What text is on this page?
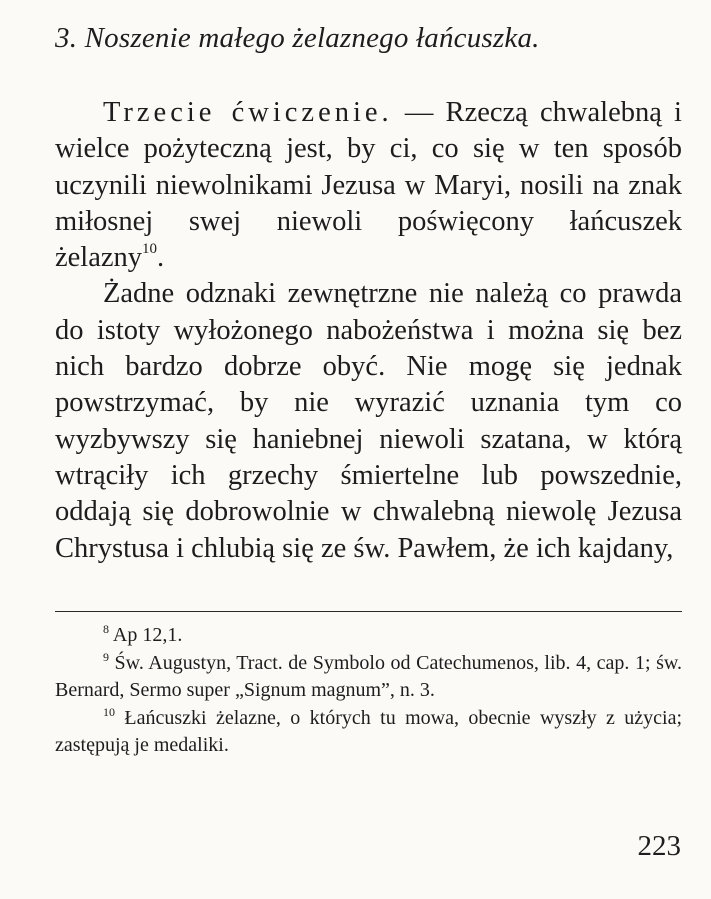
3. Noszenie małego żelaznego łańcuszka.

Trzecie ćwiczenie. — Rzeczą chwalebną i wielce pożyteczną jest, by ci, co się w ten sposób uczynili niewolnikami Jezusa w Maryi, nosili na znak miłosnej swej niewoli poświęcony łańcuszek żelazny$^{10}$.

Żadne odznaki zewnętrzne nie należą co prawda do istoty wyłożonego nabożeństwa i można się bez nich bardzo dobrze obyć. Nie mogę się jednak powstrzymać, by nie wyrazić uznania tym co wyzbywszy się haniebnej niewoli szatana, w którą wtrąciły ich grzechy śmiertelne lub powszednie, oddają się dobrowolnie w chwalebną niewolę Jezusa Chrystusa i chlubią się ze św. Pawłem, że ich kajdany,

$^8$ Ap 12,1.

$^9$ Św. Augustyn, Tract. de Symbolo od Catechumenos, lib. 4, cap. 1; św. Bernard, Sermo super „Signum magnum”, n. 3.

$^{10}$ Łańcuszki żelazne, o których tu mowa, obecnie wyszły z użycia; zastępują je medaliki.

223
